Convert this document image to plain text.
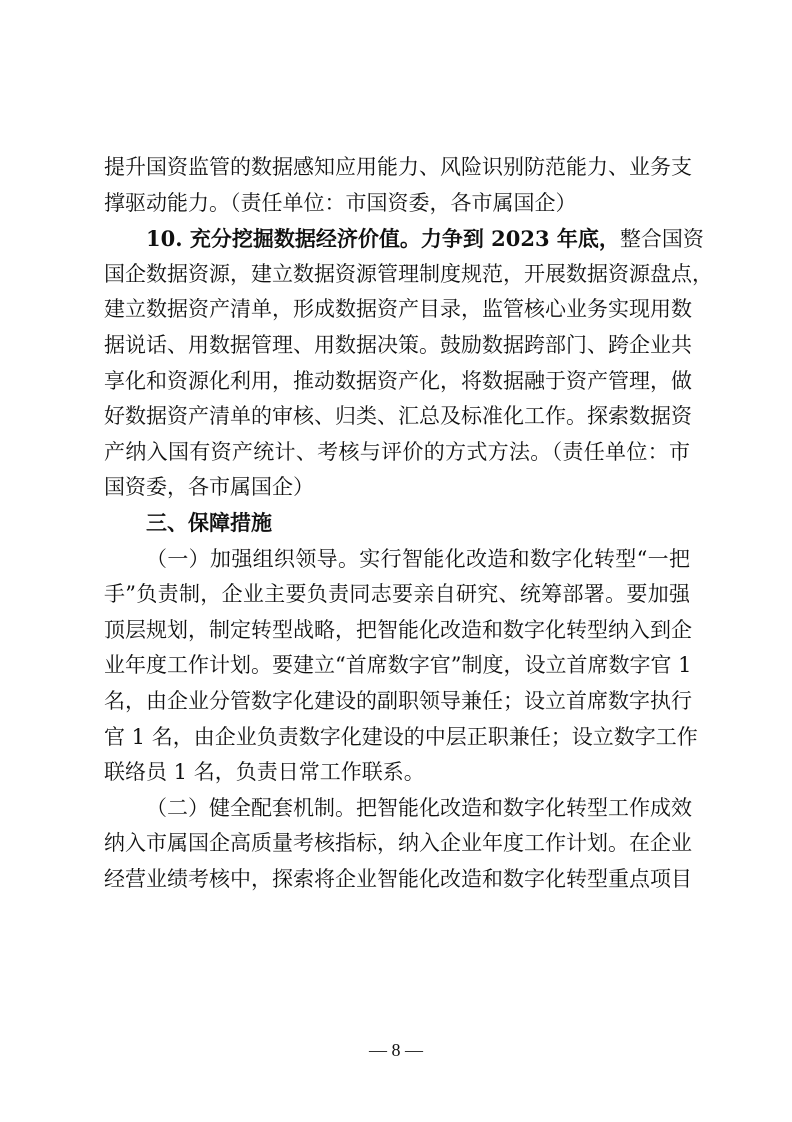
提升国资监管的数据感知应用能力、风险识别防范能力、业务支
撑驱动能力。（责任单位：市国资委，各市属国企）
10. 充分挖掘数据经济价值。力争到 2023 年底，整合国资
国企数据资源，建立数据资源管理制度规范，开展数据资源盘点，
建立数据资产清单，形成数据资产目录，监管核心业务实现用数
据说话、用数据管理、用数据决策。鼓励数据跨部门、跨企业共
享化和资源化利用，推动数据资产化，将数据融于资产管理，做
好数据资产清单的审核、归类、汇总及标准化工作。探索数据资
产纳入国有资产统计、考核与评价的方式方法。（责任单位：市
国资委，各市属国企）
三、保障措施
（一）加强组织领导。实行智能化改造和数字化转型“一把
手”负责制，企业主要负责同志要亲自研究、统筹部署。要加强
顶层规划，制定转型战略，把智能化改造和数字化转型纳入到企
业年度工作计划。要建立“首席数字官”制度，设立首席数字官 1
名，由企业分管数字化建设的副职领导兼任；设立首席数字执行
官 1 名，由企业负责数字化建设的中层正职兼任；设立数字工作
联络员 1 名，负责日常工作联系。
（二）健全配套机制。把智能化改造和数字化转型工作成效
纳入市属国企高质量考核指标，纳入企业年度工作计划。在企业
经营业绩考核中，探索将企业智能化改造和数字化转型重点项目
— 8 —
